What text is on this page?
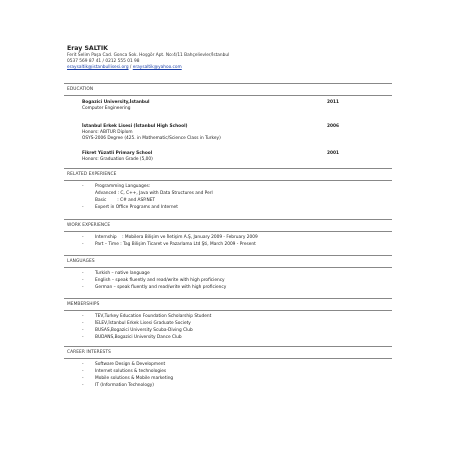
Eray SALTIK
Ferit Selim Paşa Cad. Gonca Sok. Hoşgör Apt. No:4/11 Bahçelievler/İstanbul
0537 569 87 41 / 0212 555 01 98
eraysaltik@istanbullisesi.org / eraysaltik@yahoo.com
EDUCATION
Bogazici University,İstanbul	2011
Computer Engineering
İstanbul Erkek Lisesi (İstanbul High School)	2006
Honors: ABITUR Diplom
OSYS-2006 Degree (425. in Mathematic/Science Class in Turkey)
Fikret Yüzatli Primary School	2001
Honors: Graduation Grade (5,00)
RELATED EXPERIENCE
-	Programming Languages:
Advanced : C, C++, Java with Data Structures and Perl
Basic        : C# and ASP.NET
-	Expert in Office Programs and Internet
WORK EXPERIENCE
-	Internship    : Mobilera Bilişim ve İletişim A.Ş, January 2009 - February 2009
-	Part – Time : Tag Bilişim Ticaret ve Pazarlama Ltd Şti, March 2009 - Present
LANGUAGES
-	Turkish – native language
-	English – speak fluently and read/write with high proficiency
-	German – speak fluently and read/write with high proficiency
MEMBERSHIPS
-	TEV,Turkey Education Foundation Scholarship Student
-	İELEV,İstanbul Erkek Lisesi Graduate Society
-	BUSAS,Bogazici University Scuba-Diving Club
-	BUDANS,Bogazici University Dance Club
CAREER INTERESTS
-	Software Design & Development
-	Internet solutions & technologies
-	Mobile solutions & Mobile marketing
-	IT (Information Technology)
